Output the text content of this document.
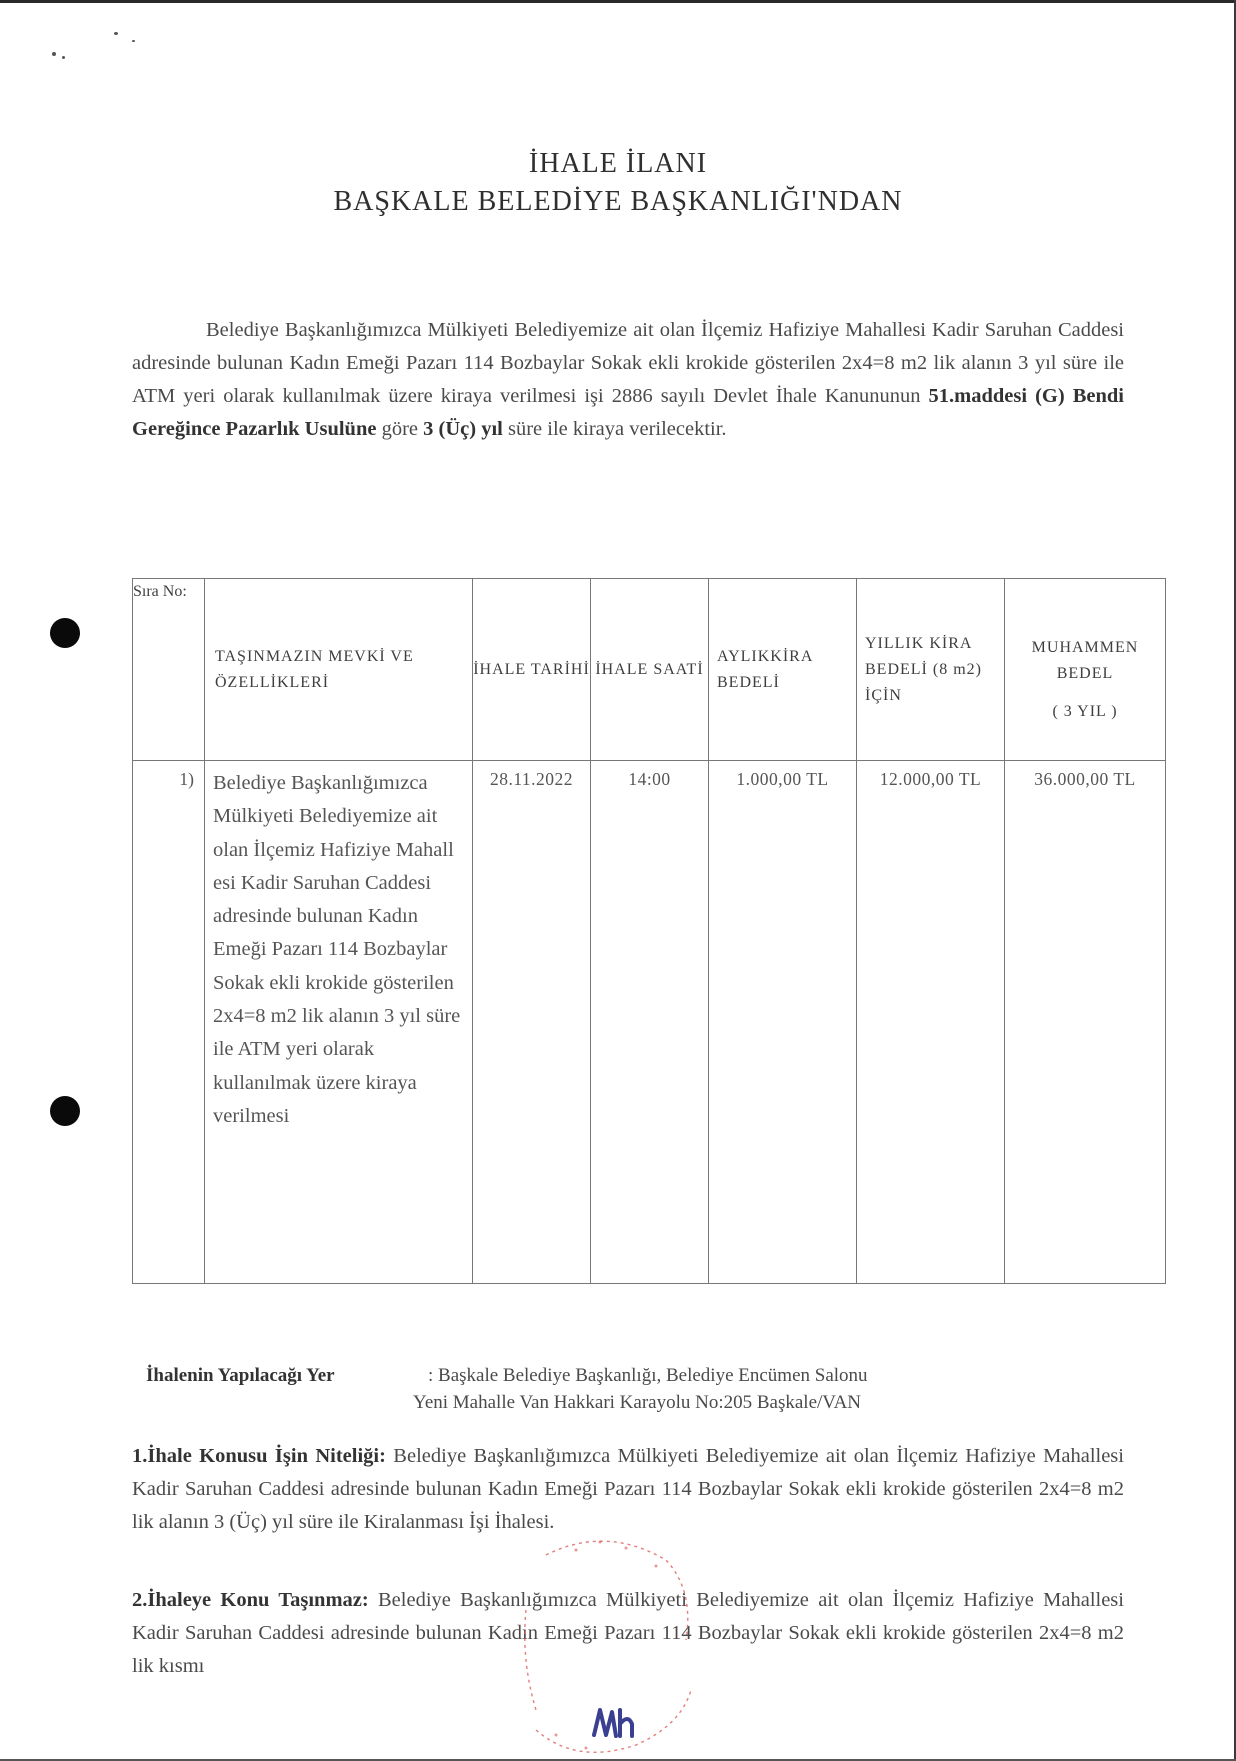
İHALE İLANI
BAŞKALE BELEDİYE BAŞKANLIĞI'NDAN
Belediye Başkanlığımızca Mülkiyeti Belediyemize ait olan İlçemiz Hafiziye Mahallesi Kadir Saruhan Caddesi adresinde bulunan Kadın Emeği Pazarı 114 Bozbaylar Sokak ekli krokide gösterilen 2x4=8 m2 lik alanın 3 yıl süre ile ATM yeri olarak kullanılmak üzere kiraya verilmesi işi 2886 sayılı Devlet İhale Kanununun 51.maddesi (G) Bendi Gereğince Pazarlık Usulüne göre 3 (Üç) yıl süre ile kiraya verilecektir.
Sıra No:	TAŞINMAZIN MEVKİ VE ÖZELLİKLERİ	İHALE TARİHİ	İHALE SAATİ	AYLIKKİRA BEDELİ	YILLIK KİRA BEDELİ (8 m2) İÇİN	MUHAMMEN BEDEL
( 3 YIL )

1)	Belediye Başkanlığımızca Mülkiyeti Belediyemize ait olan İlçemiz Hafiziye Mahall esi Kadir Saruhan Caddesi adresinde bulunan Kadın Emeği Pazarı 114 Bozbaylar Sokak ekli krokide gösterilen 2x4=8 m2 lik alanın 3 yıl süre ile ATM yeri olarak kullanılmak üzere kiraya verilmesi	28.11.2022	14:00	1.000,00 TL	12.000,00 TL	36.000,00 TL
İhalenin Yapılacağı Yer	: Başkale Belediye Başkanlığı, Belediye Encümen Salonu
Yeni Mahalle Van Hakkari Karayolu No:205 Başkale/VAN
1.İhale Konusu İşin Niteliği: Belediye Başkanlığımızca Mülkiyeti Belediyemize ait olan İlçemiz Hafiziye Mahallesi Kadir Saruhan Caddesi adresinde bulunan Kadın Emeği Pazarı 114 Bozbaylar Sokak ekli krokide gösterilen 2x4=8 m2 lik alanın 3 (Üç) yıl süre ile Kiralanması İşi İhalesi.
2.İhaleye Konu Taşınmaz: Belediye Başkanlığımızca Mülkiyeti Belediyemize ait olan İlçemiz Hafiziye Mahallesi Kadir Saruhan Caddesi adresinde bulunan Kadın Emeği Pazarı 114 Bozbaylar Sokak ekli krokide gösterilen 2x4=8 m2 lik kısmı
